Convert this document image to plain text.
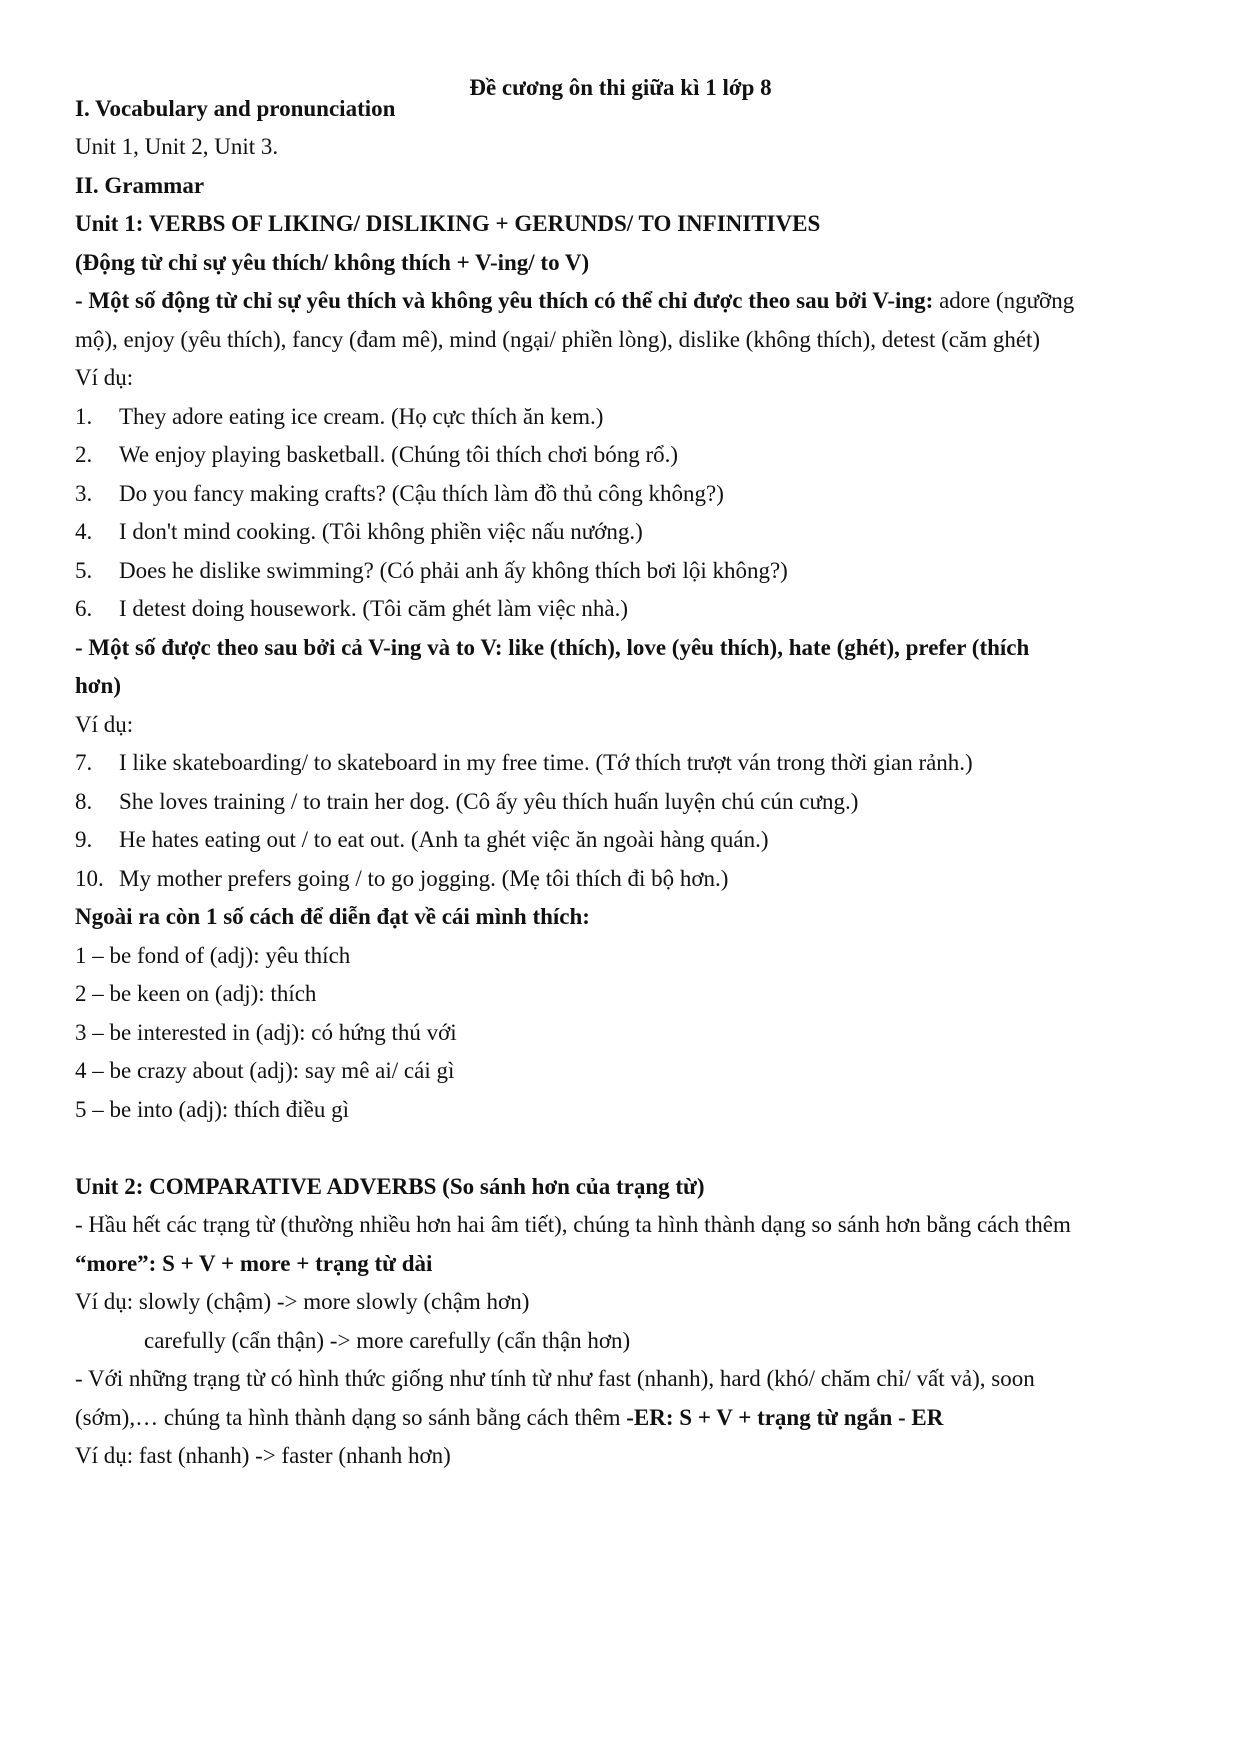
Đề cương ôn thi giữa kì 1 lớp 8
I. Vocabulary and pronunciation
Unit 1, Unit 2, Unit 3.
II. Grammar
Unit 1: VERBS OF LIKING/ DISLIKING + GERUNDS/ TO INFINITIVES
(Động từ chỉ sự yêu thích/ không thích + V-ing/ to V)
- Một số động từ chỉ sự yêu thích và không yêu thích có thể chỉ được theo sau bởi V-ing: adore (ngưỡng
mộ), enjoy (yêu thích), fancy (đam mê), mind (ngại/ phiền lòng), dislike (không thích), detest (căm ghét)
Ví dụ:
1. They adore eating ice cream. (Họ cực thích ăn kem.)
2. We enjoy playing basketball. (Chúng tôi thích chơi bóng rổ.)
3. Do you fancy making crafts? (Cậu thích làm đồ thủ công không?)
4. I don't mind cooking. (Tôi không phiền việc nấu nướng.)
5. Does he dislike swimming? (Có phải anh ấy không thích bơi lội không?)
6. I detest doing housework. (Tôi căm ghét làm việc nhà.)
- Một số được theo sau bởi cả V-ing và to V: like (thích), love (yêu thích), hate (ghét), prefer (thích
hơn)
Ví dụ:
7. I like skateboarding/ to skateboard in my free time. (Tớ thích trượt ván trong thời gian rảnh.)
8. She loves training / to train her dog. (Cô ấy yêu thích huấn luyện chú cún cưng.)
9. He hates eating out / to eat out. (Anh ta ghét việc ăn ngoài hàng quán.)
10. My mother prefers going / to go jogging. (Mẹ tôi thích đi bộ hơn.)
Ngoài ra còn 1 số cách để diễn đạt về cái mình thích:
1 – be fond of (adj): yêu thích
2 – be keen on (adj): thích
3 – be interested in (adj): có hứng thú với
4 – be crazy about (adj): say mê ai/ cái gì
5 – be into (adj): thích điều gì
Unit 2: COMPARATIVE ADVERBS (So sánh hơn của trạng từ)
- Hầu hết các trạng từ (thường nhiều hơn hai âm tiết), chúng ta hình thành dạng so sánh hơn bằng cách thêm
“more”: S + V + more + trạng từ dài
Ví dụ: slowly (chậm) -> more slowly (chậm hơn)
carefully (cẩn thận) -> more carefully (cẩn thận hơn)
- Với những trạng từ có hình thức giống như tính từ như fast (nhanh), hard (khó/ chăm chỉ/ vất vả), soon
(sớm),… chúng ta hình thành dạng so sánh bằng cách thêm -ER: S + V + trạng từ ngắn - ER
Ví dụ: fast (nhanh) -> faster (nhanh hơn)
